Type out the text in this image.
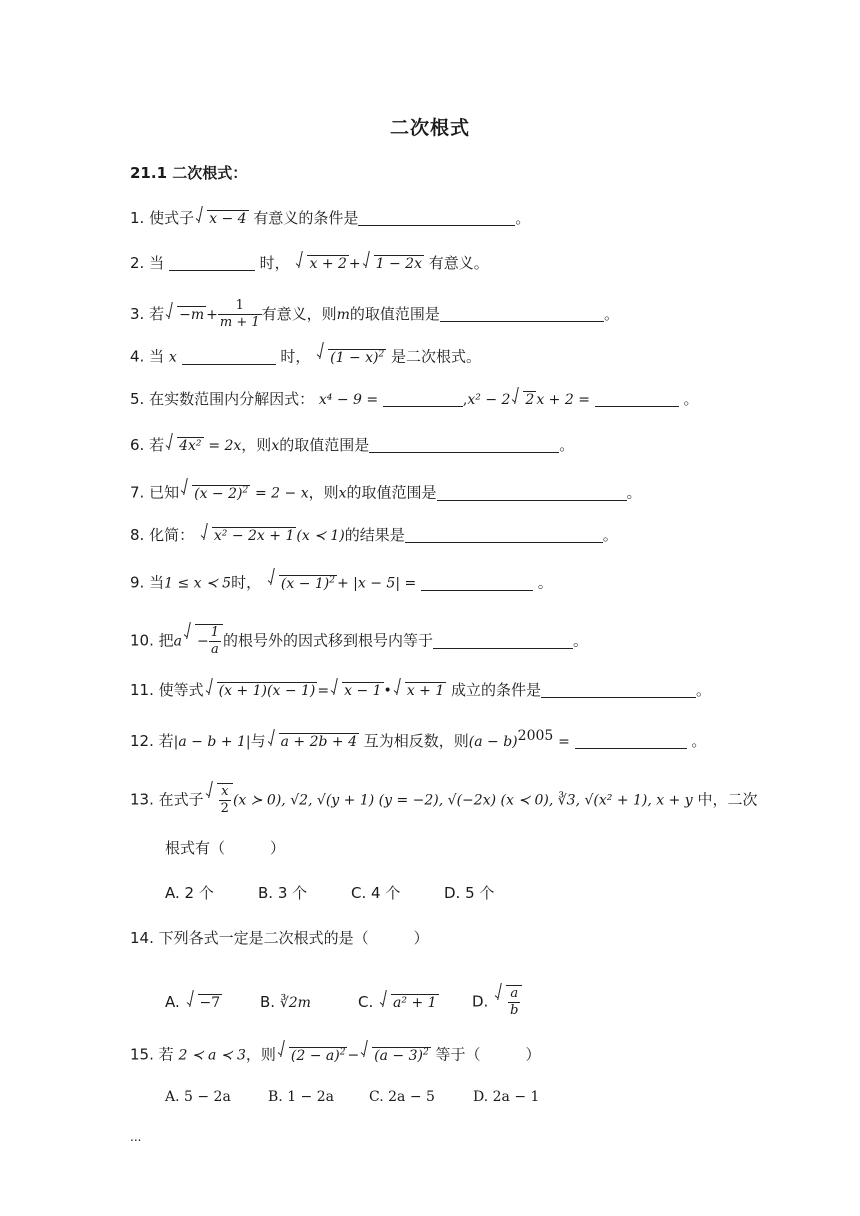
二次根式
21.1 二次根式：
1. 使式子 x − 4 有意义的条件是	。
2. 当	时， x + 2 + 1 − 2x 有意义。
3. 若 $-m + \frac{1}{m + 1}$ 有意义，则m的取值范围是	。
4. 当 x	时， $(1 - x)^2$ 是二次根式。
5. 在实数范围内分解因式： x⁴ − 9 =	,x² − 2 2 x + 2 =	。
6. 若 4x² = 2x，则x的取值范围是	。
7. 已知 $(x - 2)^2 = 2 - x$，则x的取值范围是	。
8. 化简： x² − 2x + 1 (x ≺ 1)的结果是	。
9. 当1 ≤ x ≺ 5时， $(x - 1)^2 + |x - 5|$ =	。
10. 把$a - \frac{1}{a}$ 的根号外的因式移到根号内等于	。
11. 使等式 (x + 1)(x − 1) = x − 1 • x + 1 成立的条件是	。
12. 若|a − b + 1|与 a + 2b + 4 互为相反数，则$(a - b)^{2005}$ =	。
13. 在式子 $\frac{x}{2} (x$ ≻ 0), √2, √(y + 1) (y = −2), √(−2x) (x ≺ 0), ∛3, √(x² + 1), x + y 中，二次
根式有（　　　）
A. 2 个	B. 3 个	C. 4 个	D. 5 个
14. 下列各式一定是二次根式的是（　　　）
A. −7	B. ∛2m	C. a² + 1 D. $\frac{a}{b}$
15. 若 2 ≺ a ≺ 3，则 $(2 - a)^2 - (a - 3)^2$ 等于（　　　）
A. 5 − 2a	B. 1 − 2a	C. 2a − 5	D. 2a − 1
...
